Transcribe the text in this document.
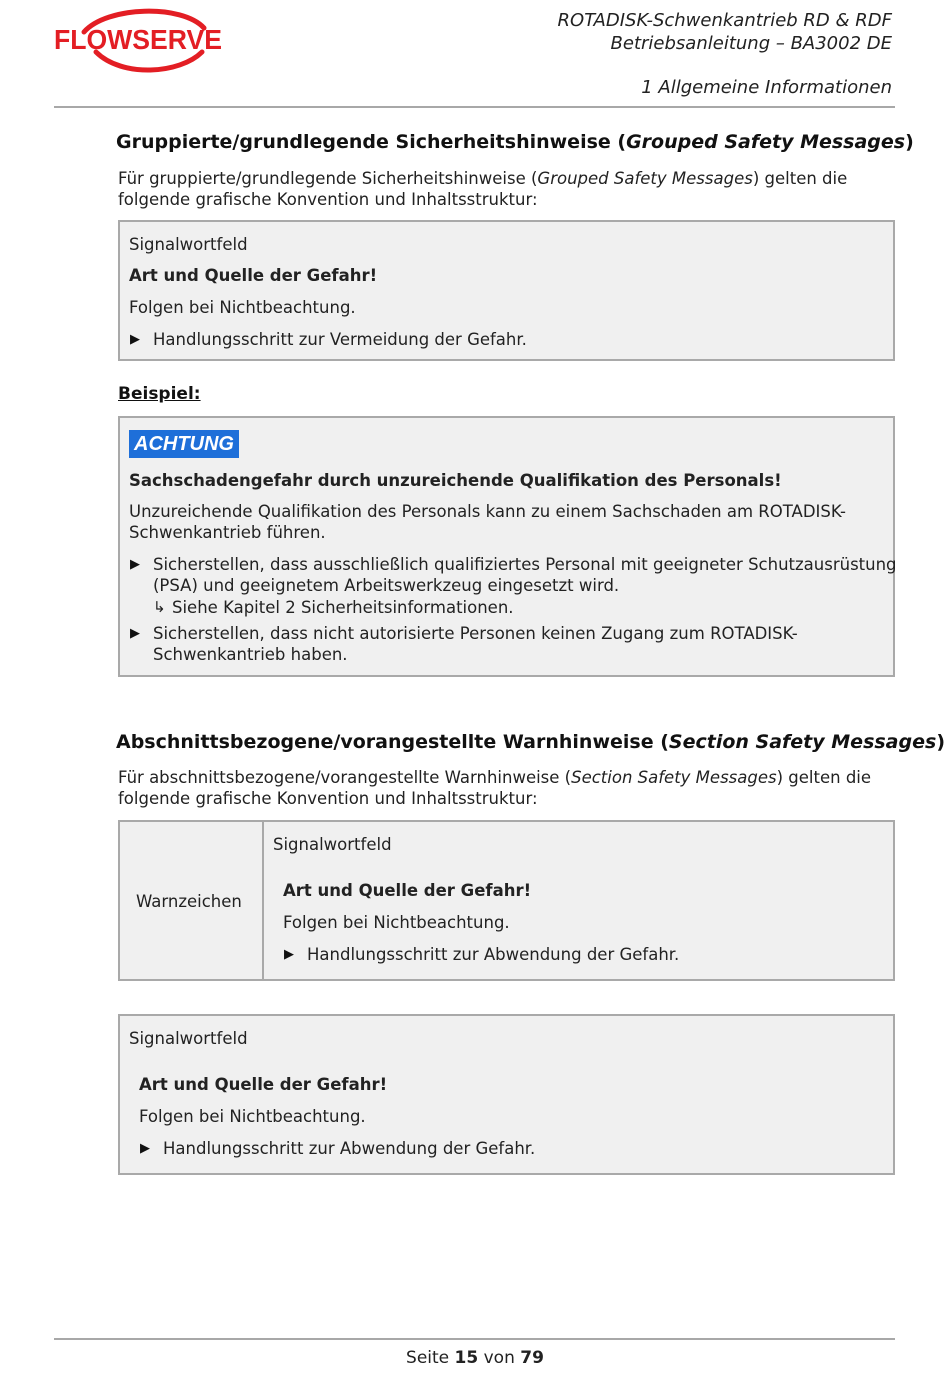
FLOWSERVE
ROTADISK-Schwenkantrieb RD & RDF
Betriebsanleitung – BA3002 DE
1 Allgemeine Informationen
Gruppierte/grundlegende Sicherheitshinweise (Grouped Safety Messages)
Für gruppierte/grundlegende Sicherheitshinweise (Grouped Safety Messages) gelten die
folgende grafische Konvention und Inhaltsstruktur:
Signalwortfeld
Art und Quelle der Gefahr!
Folgen bei Nichtbeachtung.
▶ Handlungsschritt zur Vermeidung der Gefahr.
Beispiel:
ACHTUNG
Sachschadengefahr durch unzureichende Qualifikation des Personals!
Unzureichende Qualifikation des Personals kann zu einem Sachschaden am ROTADISK-
Schwenkantrieb führen.
▶ Sicherstellen, dass ausschließlich qualifiziertes Personal mit geeigneter Schutzausrüstung
(PSA) und geeignetem Arbeitswerkzeug eingesetzt wird.
↳ Siehe Kapitel 2 Sicherheitsinformationen.
▶ Sicherstellen, dass nicht autorisierte Personen keinen Zugang zum ROTADISK-
Schwenkantrieb haben.
Abschnittsbezogene/vorangestellte Warnhinweise (Section Safety Messages)
Für abschnittsbezogene/vorangestellte Warnhinweise (Section Safety Messages) gelten die
folgende grafische Konvention und Inhaltsstruktur:
Warnzeichen
Signalwortfeld
Art und Quelle der Gefahr!
Folgen bei Nichtbeachtung.
▶ Handlungsschritt zur Abwendung der Gefahr.
Signalwortfeld
Art und Quelle der Gefahr!
Folgen bei Nichtbeachtung.
▶ Handlungsschritt zur Abwendung der Gefahr.
Seite 15 von 79
